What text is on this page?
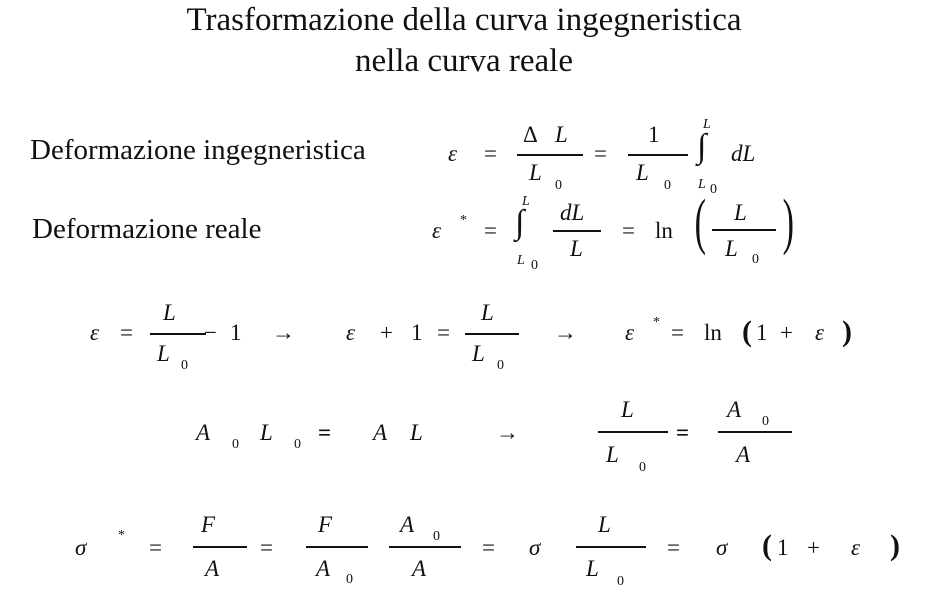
Trasformazione della curva ingegneristica
nella curva reale
Deformazione ingegneristica
Deformazione reale
ε =
Δ L
L
0
=
1
L
0
L
∫
L 0
dL
ε * =
L
∫
L 0
dL
L
= ln ( L
L 0
)
ε =
L
L 0
− 1 → ε + 1 =
L
L 0
→ ε * = ln ( 1 + ε )
A 0 L 0 = A L	→
L
L
0
=
A 0
A
σ * =
F
A
=
F
A 0
A 0
A
= σ
L
L
0
= σ ( 1 + ε )
